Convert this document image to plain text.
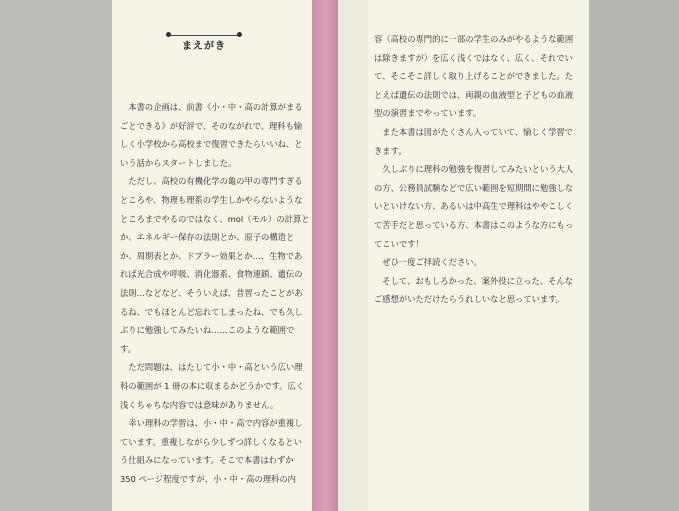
まえがき

本書の企画は、前書《小・中・高の計算がまるごとできる》が好評で、そのながれで、理科も愉しく小学校から高校まで復習できたらいいね、という話からスタートしました。

ただし、高校の有機化学の亀の甲の専門すぎるところや、物理も理系の学生しかやらないようなところまでやるのではなく、mol（モル）の計算とか、エネルギー保存の法則とか、原子の構造とか、周期表とか、ドプラー効果とか…、生物であれば光合成や呼吸、消化器系、食物連鎖、遺伝の法則…などなど、そういえば、昔習ったことがあるね、でもほとんど忘れてしまったね、でも久しぶりに勉強してみたいね……このような範囲です。

ただ問題は、はたして小・中・高という広い理科の範囲が 1 冊の本に収まるかどうかです。広く浅くちゃちな内容では意味がありません。

幸い理科の学習は、小・中・高で内容が重複しています。重複しながら少しずつ詳しくなるという仕組みになっています。そこで本書はわずか 350 ページ程度ですが、小・中・高の理科の内

容（高校の専門的に一部の学生のみがやるような範囲は除きますが）を広く浅くではなく、広く、それでいて、そこそこ詳しく取り上げることができました。たとえば遺伝の法則では、両親の血液型と子どもの血液型の演習までやっています。

また本書は図がたくさん入っていて、愉しく学習できます。

久しぶりに理科の勉強を復習してみたいという大人の方、公務員試験などで広い範囲を短期間に勉強しないといけない方、あるいは中高生で理科はややこしくて苦手だと思っている方、本書はこのような方にもってこいです！

ぜひ一度ご拝読ください。

そして、おもしろかった、案外役に立った、そんなご感想がいただけたらうれしいなと思っています。
